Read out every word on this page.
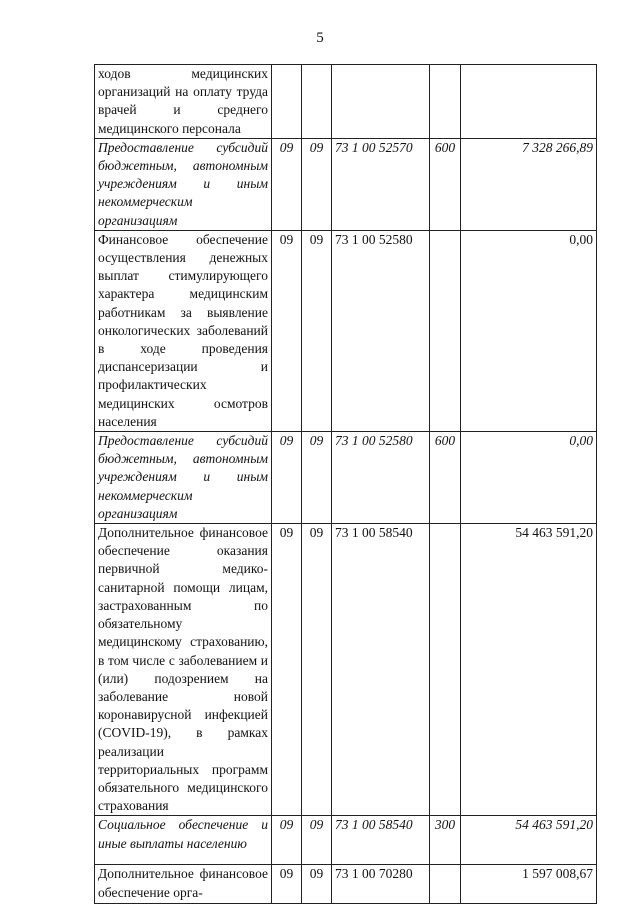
5
ходов медицинских организаций на оплату труда врачей и среднего медицинского персонала					
Предоставление субсидий бюджетным, автономным учреждениям и иным некоммерческим организациям	09	09	73 1 00 52570	600	7 328 266,89
Финансовое обеспечение осуществления денежных выплат стимулирующего характера медицинским работникам за выявление онкологических заболеваний в ходе проведения диспансеризации и профилактических медицинских осмотров населения	09	09	73 1 00 52580		0,00
Предоставление субсидий бюджетным, автономным учреждениям и иным некоммерческим организациям	09	09	73 1 00 52580	600	0,00
Дополнительное финансовое обеспечение оказания первичной медико-санитарной помощи лицам, застрахованным по обязательному медицинскому страхованию, в том числе с заболеванием и (или) подозрением на заболевание новой коронавирусной инфекцией (COVID-19), в рамках реализации территориальных программ обязательного медицинского страхования	09	09	73 1 00 58540		54 463 591,20
Социальное обеспечение и иные выплаты населению	09	09	73 1 00 58540	300	54 463 591,20
Дополнительное финансовое обеспечение орга-	09	09	73 1 00 70280		1 597 008,67
